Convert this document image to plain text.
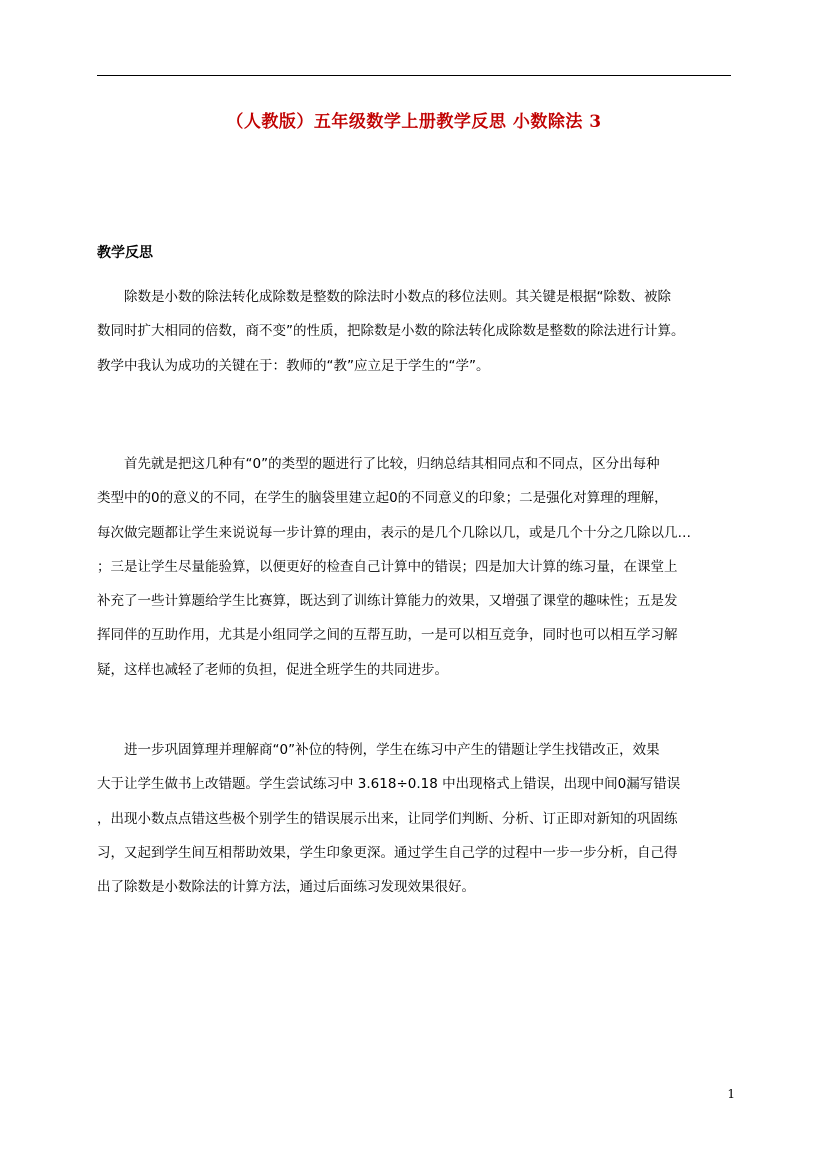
（人教版）五年级数学上册教学反思 小数除法 3
教学反思

　　除数是小数的除法转化成除数是整数的除法时小数点的移位法则。其关键是根据“除数、被除
数同时扩大相同的倍数，商不变”的性质，把除数是小数的除法转化成除数是整数的除法进行计算。
教学中我认为成功的关键在于：教师的“教”应立足于学生的“学”。

　　首先就是把这几种有“0”的类型的题进行了比较，归纳总结其相同点和不同点，区分出每种
类型中的0的意义的不同，在学生的脑袋里建立起0的不同意义的印象；二是强化对算理的理解，
每次做完题都让学生来说说每一步计算的理由，表示的是几个几除以几，或是几个十分之几除以几…
；三是让学生尽量能验算，以便更好的检查自己计算中的错误；四是加大计算的练习量，在课堂上
补充了一些计算题给学生比赛算，既达到了训练计算能力的效果，又增强了课堂的趣味性；五是发
挥同伴的互助作用，尤其是小组同学之间的互帮互助，一是可以相互竞争，同时也可以相互学习解
疑，这样也减轻了老师的负担，促进全班学生的共同进步。

　　进一步巩固算理并理解商“0”补位的特例，学生在练习中产生的错题让学生找错改正，效果
大于让学生做书上改错题。学生尝试练习中 3.618÷0.18 中出现格式上错误，出现中间0漏写错误
，出现小数点点错这些极个别学生的错误展示出来，让同学们判断、分析、订正即对新知的巩固练
习，又起到学生间互相帮助效果，学生印象更深。通过学生自己学的过程中一步一步分析，自己得
出了除数是小数除法的计算方法，通过后面练习发现效果很好。

1
